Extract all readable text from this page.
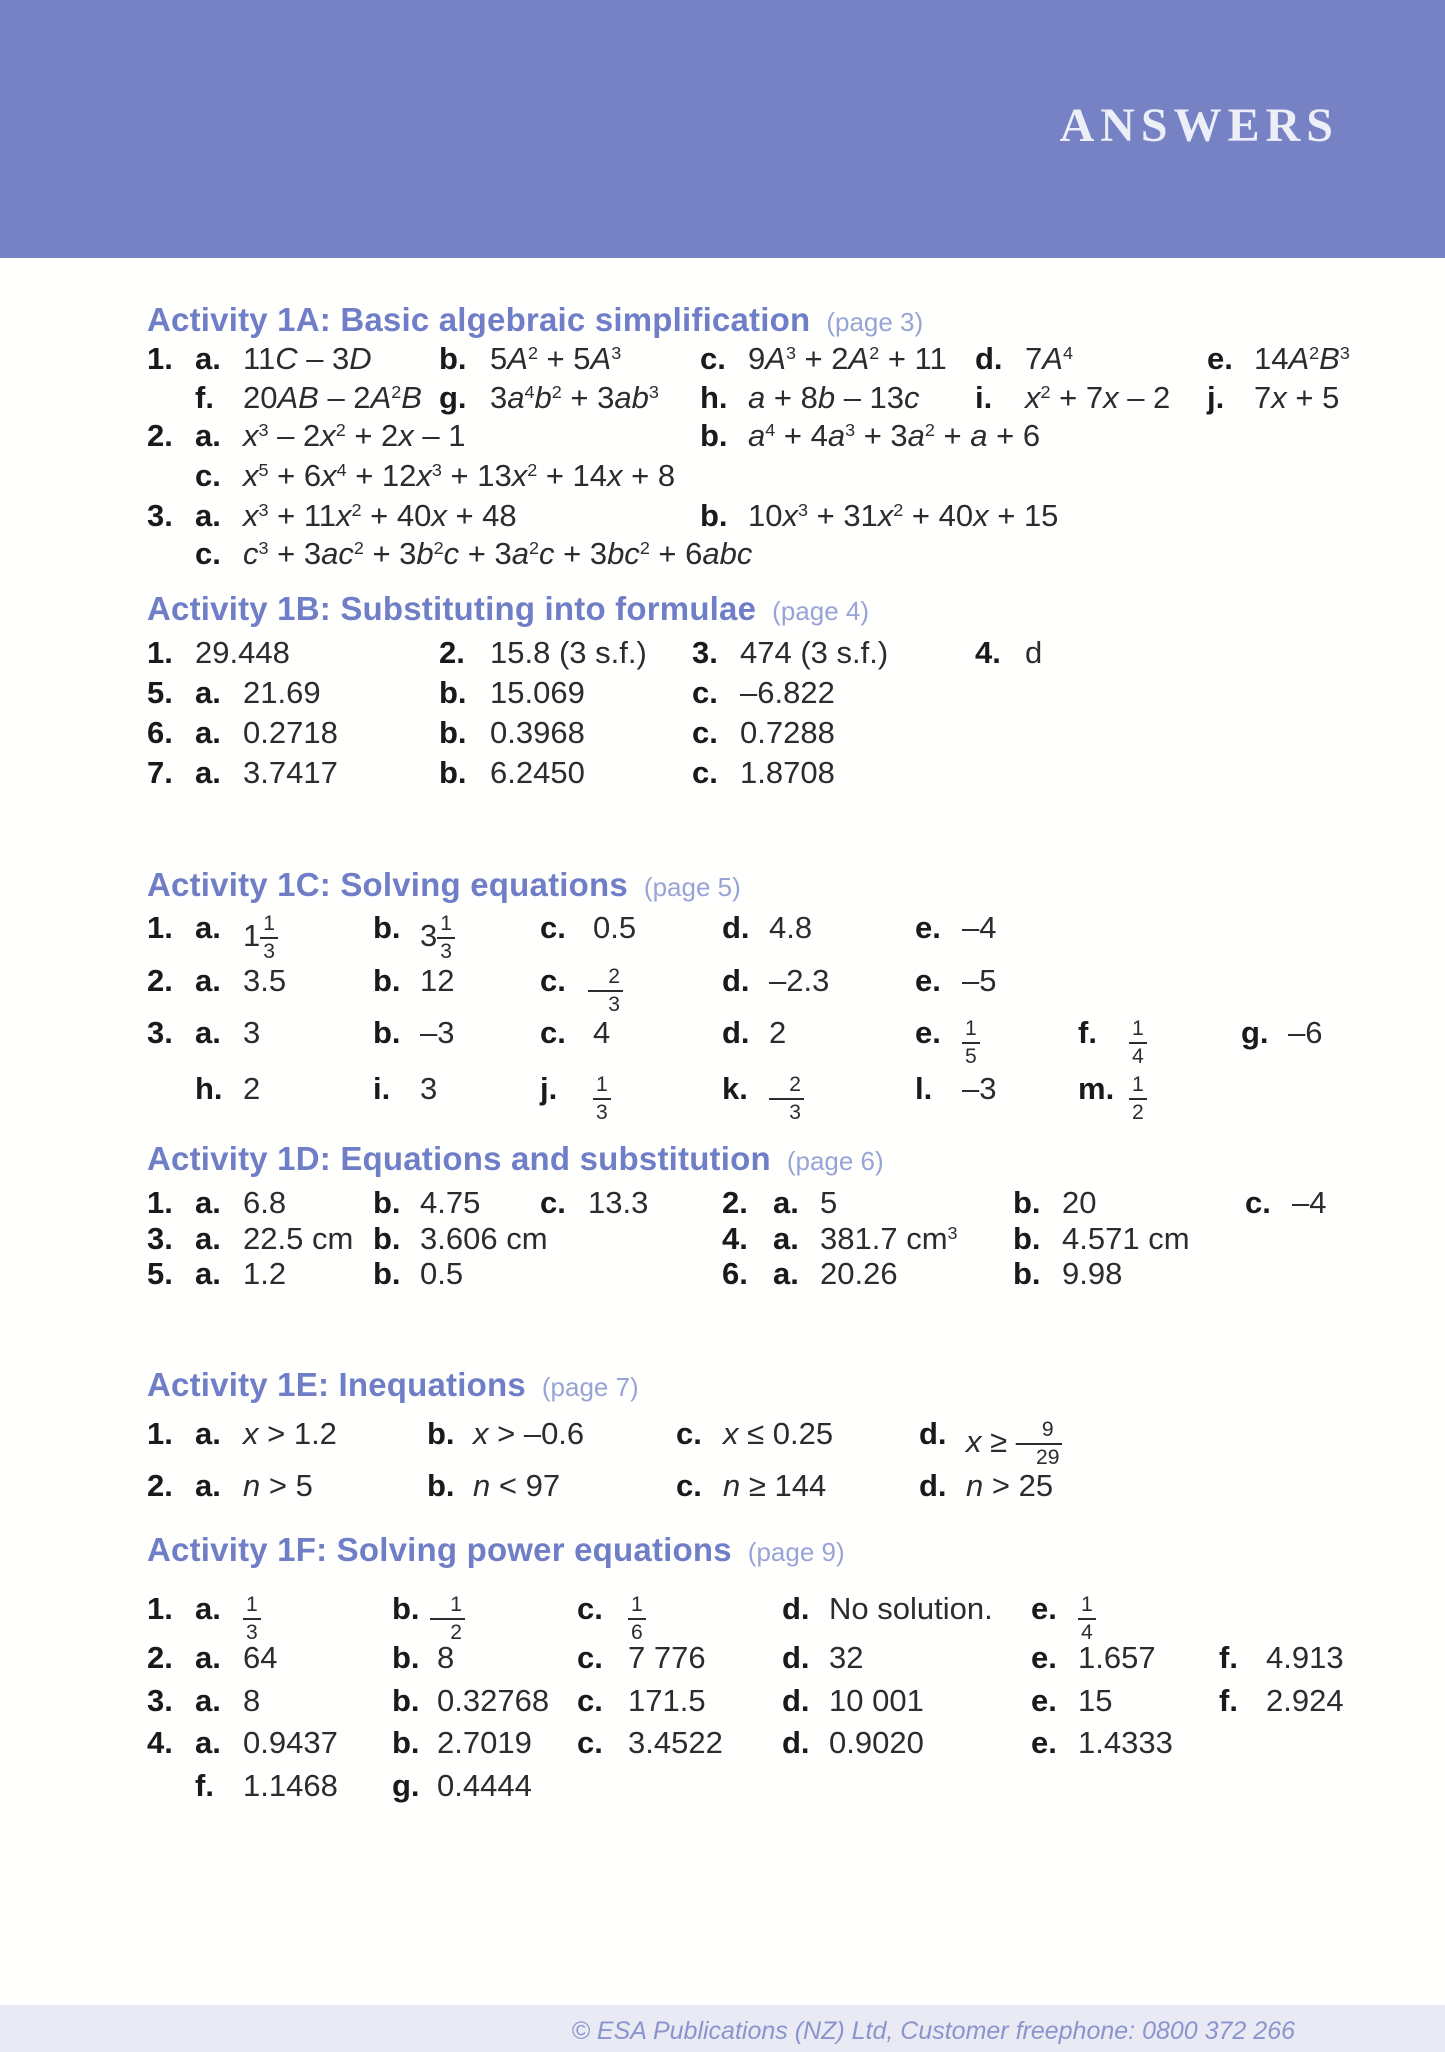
ANSWERS
Activity 1A: Basic algebraic simplification (page 3)
1. a. 11C – 3D b. $5A^2 + 5A^3$	c. $9A^3 + 2A^2 + 11$ d. $7A^4$	e. $14A^2B^3$
f. $20AB - 2A^2B$ g. $3a^4b^2 + 3ab^3$ h. a + 8b – 13c i. $x^2 + 7x - 2$ j. 7x + 5
2. a. $x^3 - 2x^2 + 2x - 1$	b. $a^4 + 4a^3 + 3a^2 + a + 6$
c. $x^5 + 6x^4 + 12x^3 + 13x^2 + 14x + 8$
3. a. $x^3 + 11x^2 + 40x + 48$	b. $10x^3 + 31x^2 + 40x + 15$
c. $c^3 + 3ac^2 + 3b^2c + 3a^2c + 3bc^2 + 6abc$
Activity 1B: Substituting into formulae (page 4)
1. 29.448	2. 15.8 (3 s.f.) 3. 474 (3 s.f.)	4. d
5. a. 21.69	b. 15.069	c. –6.822
6. a. 0.2718	b. 0.3968	c. 0.7288
7. a. 3.7417	b. 6.2450	c. 1.8708
Activity 1C: Solving equations (page 5)
1. a. $1 \frac{1}{3}$	b. $3 \frac{1}{3}$	c. 0.5	d. 4.8	e. –4
2. a. 3.5	b. 12	c. – $\frac{2}{3}$	d. –2.3	e. –5
3. a. 3	b. –3	c. 4	d. 2	e. $\frac{1}{5}$	f. $\frac{1}{4}$	g. –6
h. 2	i. 3	j. $\frac{1}{3}$	k. – $\frac{2}{3}$	l. –3	m. $\frac{1}{2}$
Activity 1D: Equations and substitution (page 6)
1. a. 6.8	b. 4.75 c. 13.3 2. a. 5	b. 20	c. –4
3. a. 22.5 cm b. 3.606 cm	4. a. 381.7 $cm^3$ b. 4.571 cm
5. a. 1.2	b. 0.5	6. a. 20.26	b. 9.98
Activity 1E: Inequations (page 7)
1. a. x > 1.2	b. x > –0.6	c. x ≤ 0.25	d. x ≥ – $\frac{9}{29}$
2. a. n > 5	b. n < 97	c. n ≥ 144	d. n > 25
Activity 1F: Solving power equations (page 9)
1. a. $\frac{1}{3}$	b. – $\frac{1}{2}$	c. $\frac{1}{6}$	d. No solution. e. $\frac{1}{4}$
2. a. 64	b. 8	c. 7 776 d. 32	e. 1.657 f. 4.913
3. a. 8	b. 0.32768 c. 171.5 d. 10 001	e. 15	f. 2.924
4. a. 0.9437 b. 2.7019 c. 3.4522 d. 0.9020	e. 1.4333
f. 1.1468 g. 0.4444
© ESA Publications (NZ) Ltd, Customer freephone: 0800 372 266
